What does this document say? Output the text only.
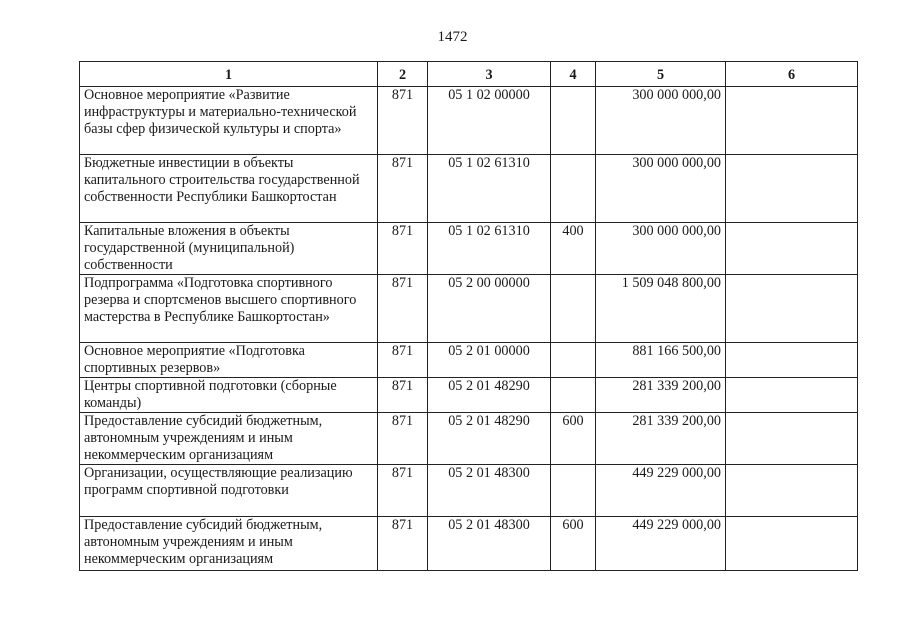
1472
1	2	3	4	5	6
Основное мероприятие «Развитие инфраструктуры и материально-технической базы сфер физической культуры и спорта»	871	05 1 02 00000		300 000 000,00	
Бюджетные инвестиции в объекты капитального строительства государственной собственности Республики Башкортостан	871	05 1 02 61310		300 000 000,00	
Капитальные вложения в объекты государственной (муниципальной) собственности	871	05 1 02 61310	400	300 000 000,00	
Подпрограмма «Подготовка спортивного резерва и спортсменов высшего спортивного мастерства в Республике Башкортостан»	871	05 2 00 00000		1 509 048 800,00	
Основное мероприятие «Подготовка спортивных резервов»	871	05 2 01 00000		881 166 500,00	
Центры спортивной подготовки (сборные команды)	871	05 2 01 48290		281 339 200,00	
Предоставление субсидий бюджетным, автономным учреждениям и иным некоммерческим организациям	871	05 2 01 48290	600	281 339 200,00	
Организации, осуществляющие реализацию программ спортивной подготовки	871	05 2 01 48300		449 229 000,00	
Предоставление субсидий бюджетным, автономным учреждениям и иным некоммерческим организациям	871	05 2 01 48300	600	449 229 000,00	
